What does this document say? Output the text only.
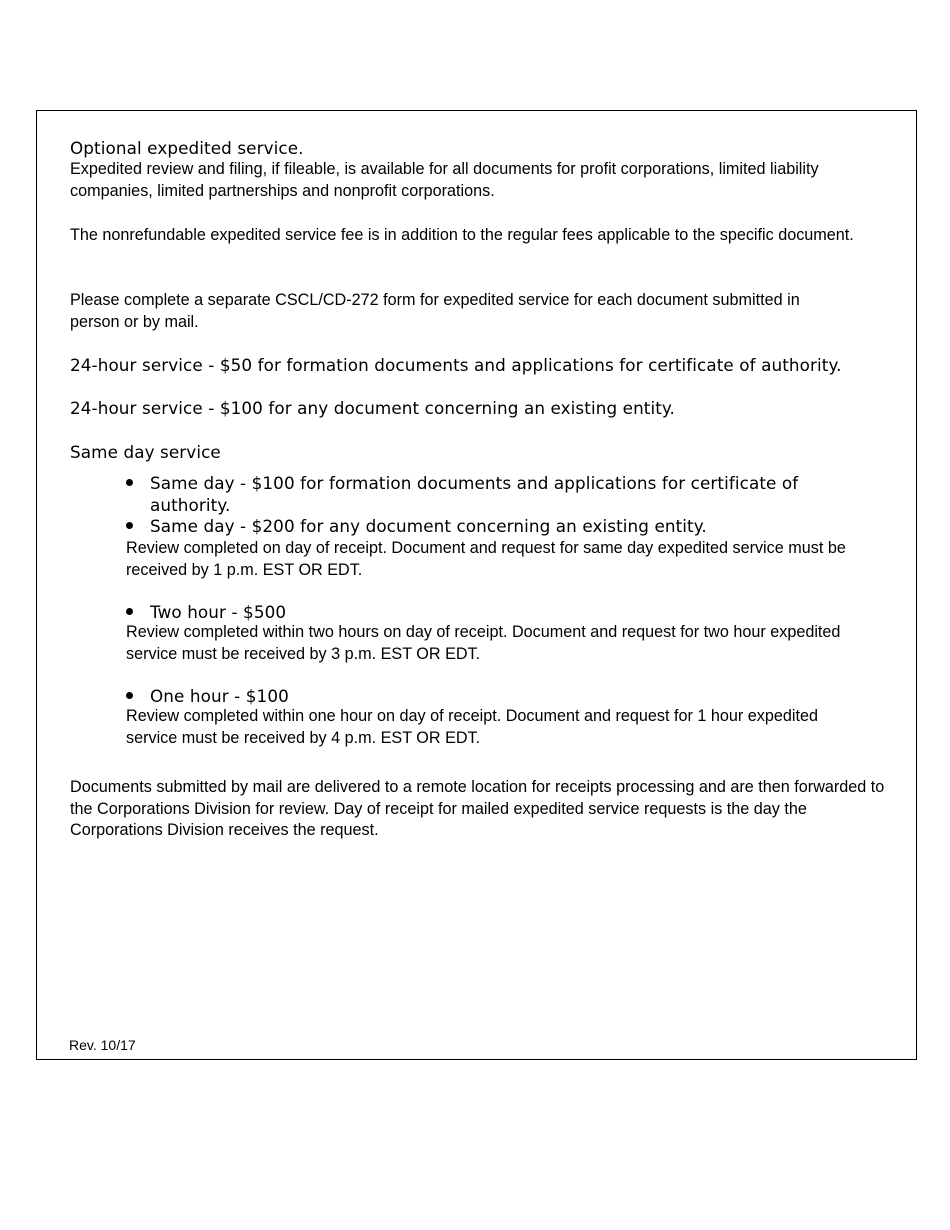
Optional expedited service.

Expedited review and filing, if fileable, is available for all documents for profit corporations, limited liability companies, limited partnerships and nonprofit corporations.

The nonrefundable expedited service fee is in addition to the regular fees applicable to the specific document.

Please complete a separate CSCL/CD-272 form for expedited service for each document submitted in person or by mail.

24-hour service - $50 for formation documents and applications for certificate of authority.
24-hour service - $100 for any document concerning an existing entity.
Same day service
Same day - $100 for formation documents and applications for certificate of authority.
Same day - $200 for any document concerning an existing entity.

Review completed on day of receipt. Document and request for same day expedited service must be received by 1 p.m. EST OR EDT.

Two hour - $500

Review completed within two hours on day of receipt. Document and request for two hour expedited service must be received by 3 p.m. EST OR EDT.

One hour - $100

Review completed within one hour on day of receipt. Document and request for 1 hour expedited service must be received by 4 p.m. EST OR EDT.

Documents submitted by mail are delivered to a remote location for receipts processing and are then forwarded to the Corporations Division for review. Day of receipt for mailed expedited service requests is the day the Corporations Division receives the request.

Rev. 10/17
